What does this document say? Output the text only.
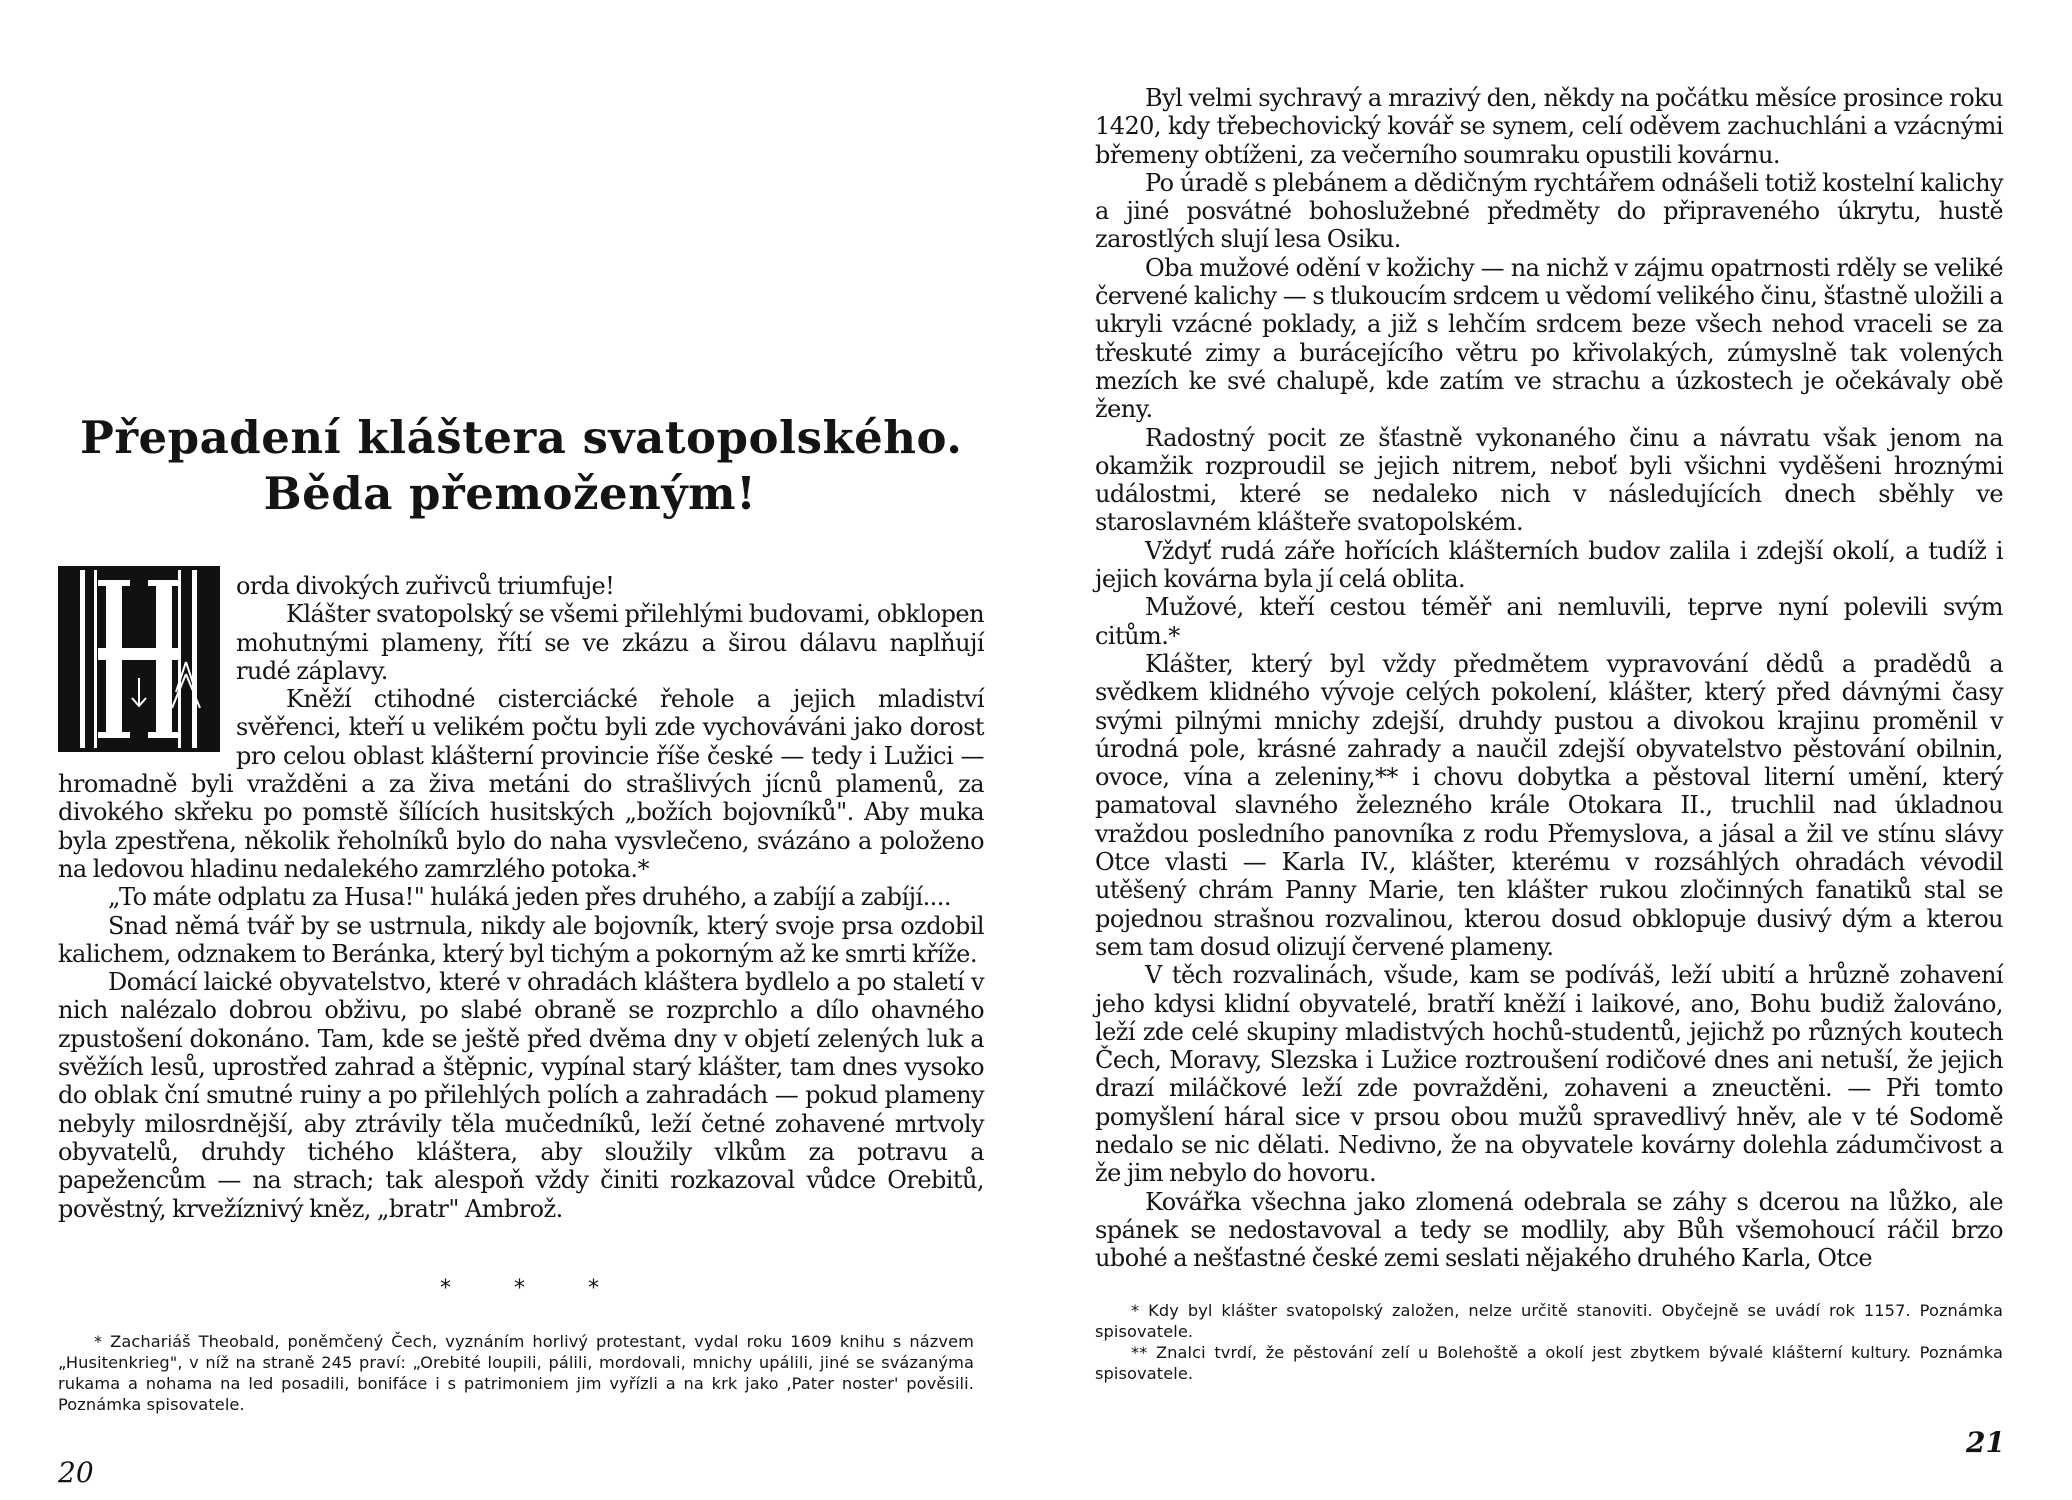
Přepadení kláštera svatopolského.
Běda přemoženým!

orda divokých zuřivců triumfuje!

Klášter svatopolský se všemi přilehlými budovami, obklopen mohutnými plameny, řítí se ve zkázu a širou dálavu naplňují rudé záplavy.

Kněží ctihodné cisterciácké řehole a jejich mladiství svěřenci, kteří u velikém počtu byli zde vychováváni jako dorost pro celou oblast klášterní provincie říše české — tedy i Lužici — hromadně byli vražděni a za živa metáni do strašlivých jícnů plamenů, za divokého skřeku po pomstě šílících husitských „božích bojovníků". Aby muka byla zpestřena, několik řeholníků bylo do naha vysvlečeno, svázáno a položeno na ledovou hladinu nedalekého zamrzlého potoka.*

„To máte odplatu za Husa!" huláká jeden přes druhého, a zabíjí a zabíjí....

Snad němá tvář by se ustrnula, nikdy ale bojovník, který svoje prsa ozdobil kalichem, odznakem to Beránka, který byl tichým a pokorným až ke smrti kříže.

Domácí laické obyvatelstvo, které v ohradách kláštera bydlelo a po staletí v nich nalézalo dobrou obživu, po slabé obraně se rozprchlo a dílo ohavného zpustošení dokonáno. Tam, kde se ještě před dvěma dny v objetí zelených luk a svěžích lesů, uprostřed zahrad a štěpnic, vypínal starý klášter, tam dnes vysoko do oblak ční smutné ruiny a po přilehlých polích a zahradách — pokud plameny nebyly milosrdnější, aby ztrávily těla mučedníků, leží četné zohavené mrtvoly obyvatelů, druhdy tichého kláštera, aby sloužily vlkům za potravu a papežencům — na strach; tak alespoň vždy činiti rozkazoval vůdce Orebitů, pověstný, krvežíznivý kněz, „bratr" Ambrož.

* * *

* Zachariáš Theobald, poněmčený Čech, vyznáním horlivý protestant, vydal roku 1609 knihu s názvem „Husitenkrieg", v níž na straně 245 praví: „Orebité loupili, pálili, mordovali, mnichy upálili, jiné se svázanýma rukama a nohama na led posadili, bonifáce i s patrimoniem jim vyřízli a na krk jako ‚Pater noster' pověsili. Poznámka spisovatele.

20

Byl velmi sychravý a mrazivý den, někdy na počátku měsíce prosince roku 1420, kdy třebechovický kovář se synem, celí oděvem zachuchláni a vzácnými břemeny obtíženi, za večerního soumraku opustili kovárnu.

Po úradě s plebánem a dědičným rychtářem odnášeli totiž kostelní kalichy a jiné posvátné bohoslužebné předměty do připraveného úkrytu, hustě zarostlých slují lesa Osiku.

Oba mužové odění v kožichy — na nichž v zájmu opatrnosti rděly se veliké červené kalichy — s tlukoucím srdcem u vědomí velikého činu, šťastně uložili a ukryli vzácné poklady, a již s lehčím srdcem beze všech nehod vraceli se za třeskuté zimy a burácejícího větru po křivolakých, zúmyslně tak volených mezích ke své chalupě, kde zatím ve strachu a úzkostech je očekávaly obě ženy.

Radostný pocit ze šťastně vykonaného činu a návratu však jenom na okamžik rozproudil se jejich nitrem, neboť byli všichni vyděšeni hroznými událostmi, které se nedaleko nich v následujících dnech sběhly ve staroslavném klášteře svatopolském.

Vždyť rudá záře hořících klášterních budov zalila i zdejší okolí, a tudíž i jejich kovárna byla jí celá oblita.

Mužové, kteří cestou téměř ani nemluvili, teprve nyní polevili svým citům.*

Klášter, který byl vždy předmětem vypravování dědů a pradědů a svědkem klidného vývoje celých pokolení, klášter, který před dávnými časy svými pilnými mnichy zdejší, druhdy pustou a divokou krajinu proměnil v úrodná pole, krásné zahrady a naučil zdejší obyvatelstvo pěstování obilnin, ovoce, vína a zeleniny,** i chovu dobytka a pěstoval literní umění, který pamatoval slavného železného krále Otokara II., truchlil nad úkladnou vraždou posledního panovníka z rodu Přemyslova, a jásal a žil ve stínu slávy Otce vlasti — Karla IV., klášter, kterému v rozsáhlých ohradách vévodil utěšený chrám Panny Marie, ten klášter rukou zločinných fanatiků stal se pojednou strašnou rozvalinou, kterou dosud obklopuje dusivý dým a kterou sem tam dosud olizují červené plameny.

V těch rozvalinách, všude, kam se podíváš, leží ubití a hrůzně zohavení jeho kdysi klidní obyvatelé, bratří kněží i laikové, ano, Bohu budiž žalováno, leží zde celé skupiny mladistvých hochů-studentů, jejichž po různých koutech Čech, Moravy, Slezska i Lužice roztroušení rodičové dnes ani netuší, že jejich drazí miláčkové leží zde povražděni, zohaveni a zneuctěni. — Při tomto pomyšlení háral sice v prsou obou mužů spravedlivý hněv, ale v té Sodomě nedalo se nic dělati. Nedivno, že na obyvatele kovárny dolehla zádumčivost a že jim nebylo do hovoru.

Kovářka všechna jako zlomená odebrala se záhy s dcerou na lůžko, ale spánek se nedostavoval a tedy se modlily, aby Bůh všemohoucí ráčil brzo ubohé a nešťastné české zemi seslati nějakého druhého Karla, Otce

* Kdy byl klášter svatopolský založen, nelze určitě stanoviti. Obyčejně se uvádí rok 1157. Poznámka spisovatele.

** Znalci tvrdí, že pěstování zelí u Bolehoště a okolí jest zbytkem bývalé klášterní kultury. Poznámka spisovatele.

21
